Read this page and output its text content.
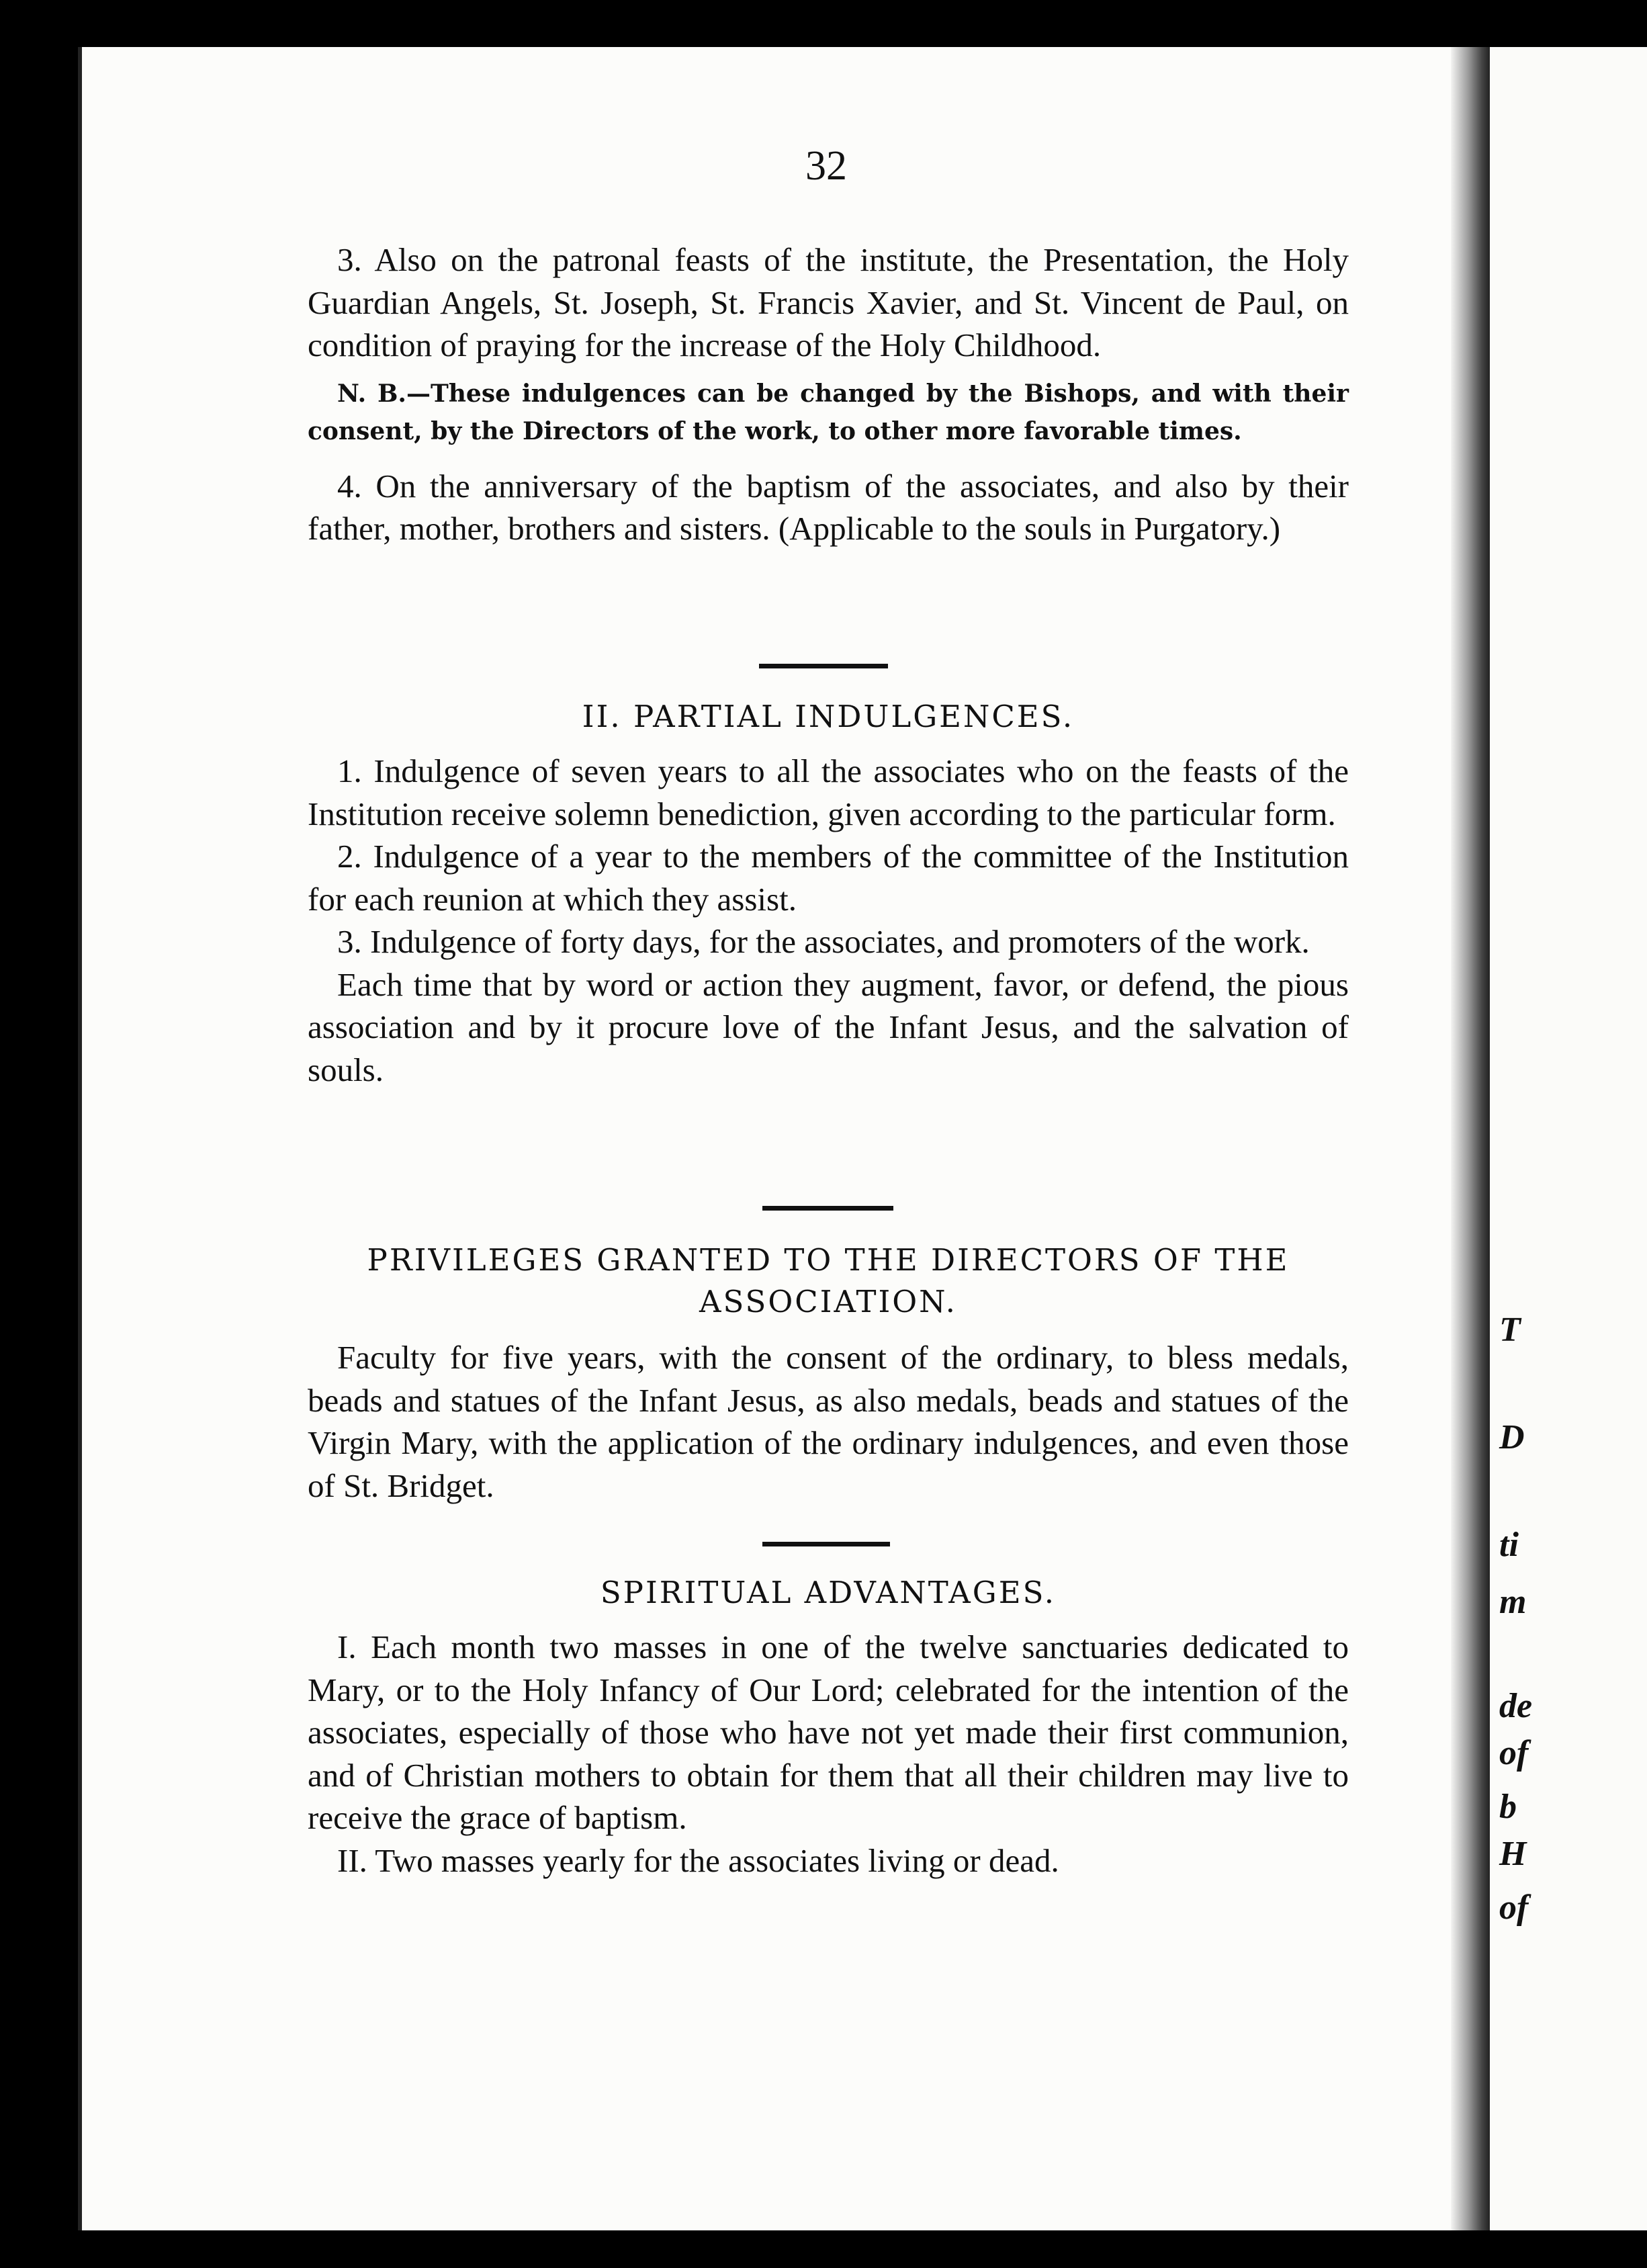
T
D
ti
m
de
of
b
H
of
32

3. Also on the patronal feasts of the institute, the Presentation, the Holy Guardian Angels, St. Joseph, St. Francis Xavier, and St. Vincent de Paul, on condition of praying for the increase of the Holy Childhood.

N. B.—These indulgences can be changed by the Bishops, and with their consent, by the Directors of the work, to other more favorable times.

4. On the anniversary of the baptism of the associates, and also by their father, mother, brothers and sisters. (Applicable to the souls in Purgatory.)

II. PARTIAL INDULGENCES.

1. Indulgence of seven years to all the associates who on the feasts of the Institution receive solemn benediction, given according to the particular form.

2. Indulgence of a year to the members of the committee of the Institution for each reunion at which they assist.

3. Indulgence of forty days, for the associates, and promoters of the work.

Each time that by word or action they augment, favor, or defend, the pious association and by it procure love of the Infant Jesus, and the salvation of souls.

PRIVILEGES GRANTED TO THE DIRECTORS OF THE ASSOCIATION.

Faculty for five years, with the consent of the ordinary, to bless medals, beads and statues of the Infant Jesus, as also medals, beads and statues of the Virgin Mary, with the application of the ordinary indulgences, and even those of St. Bridget.

SPIRITUAL ADVANTAGES.

I. Each month two masses in one of the twelve sanctuaries dedicated to Mary, or to the Holy Infancy of Our Lord; celebrated for the intention of the associates, especially of those who have not yet made their first communion, and of Christian mothers to obtain for them that all their children may live to receive the grace of baptism.

II. Two masses yearly for the associates living or dead.
